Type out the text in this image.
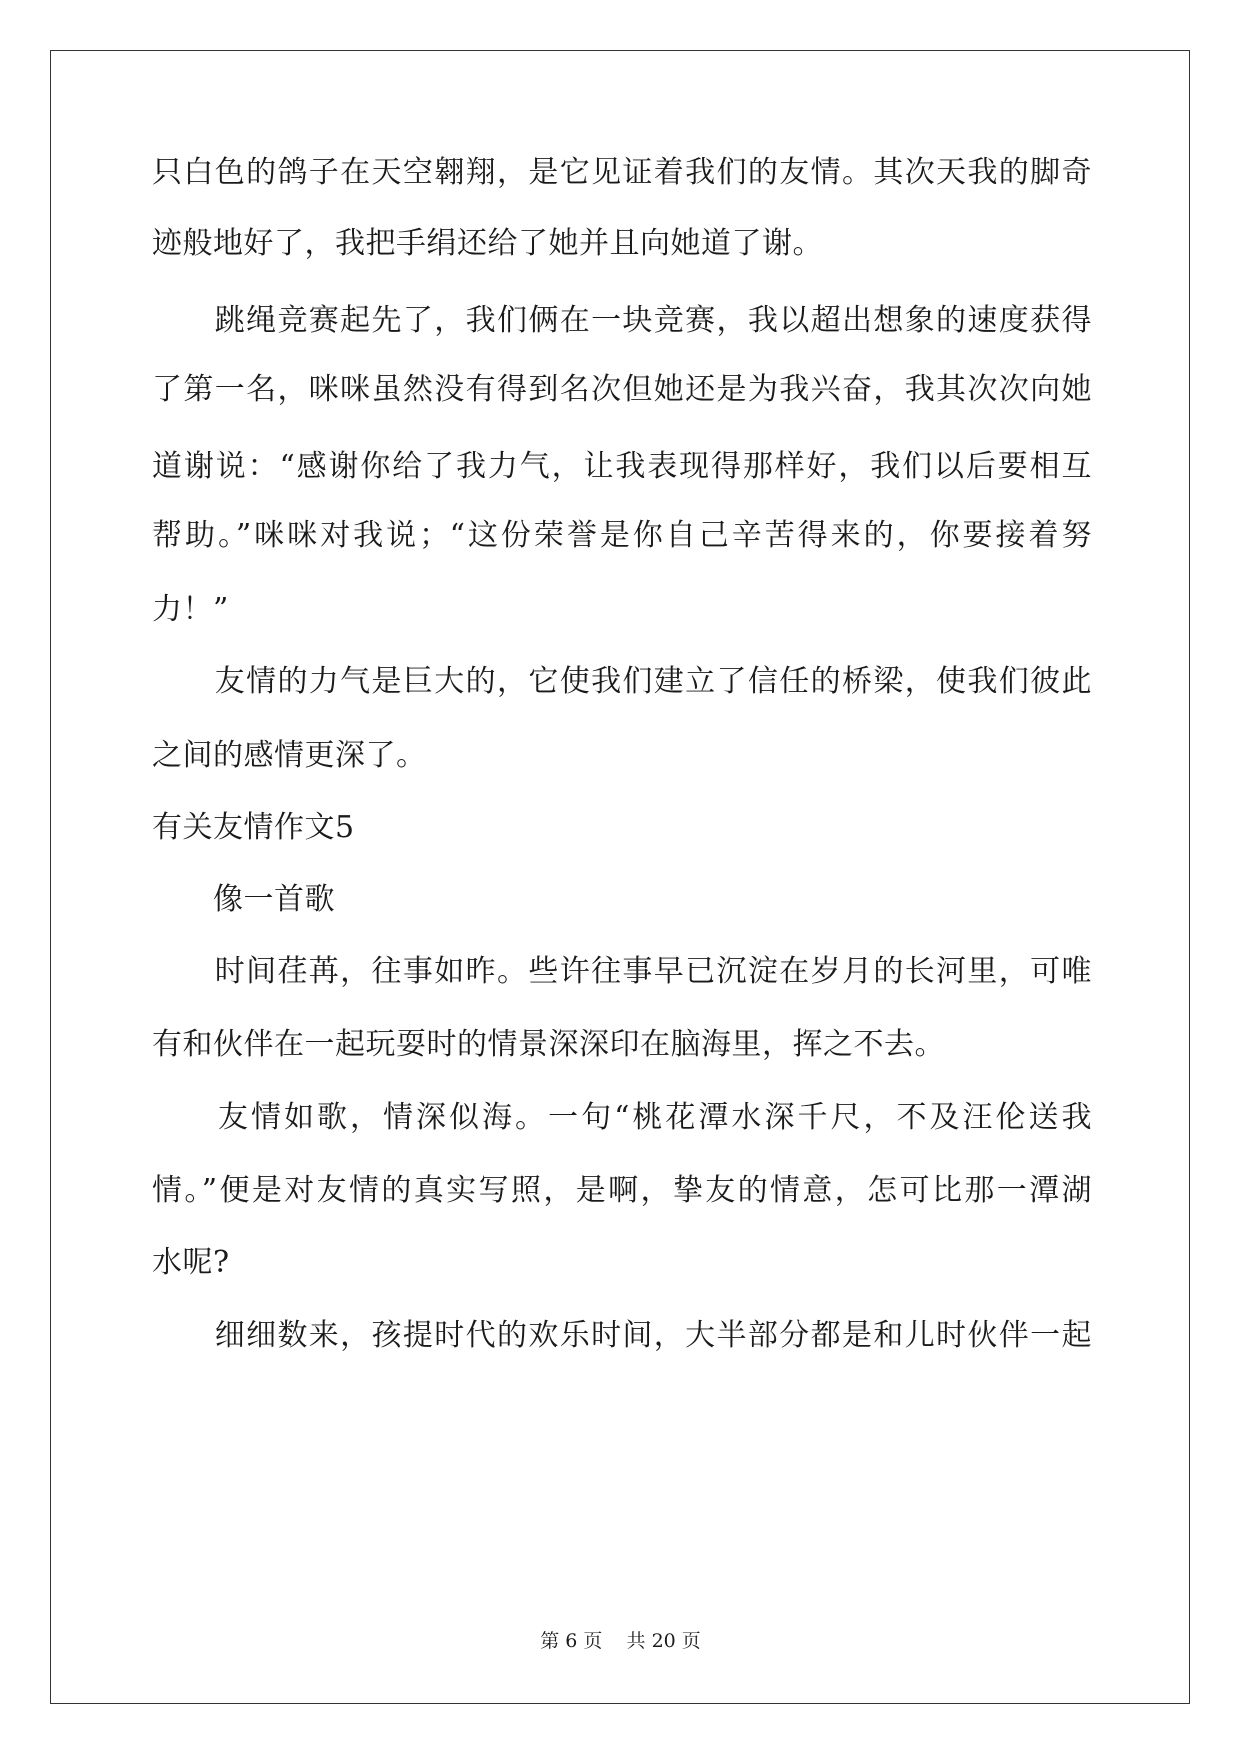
只白色的鸽子在天空翱翔，是它见证着我们的友情。其次天我的脚奇

迹般地好了，我把手绢还给了她并且向她道了谢。

　　跳绳竞赛起先了，我们俩在一块竞赛，我以超出想象的速度获得

了第一名，咪咪虽然没有得到名次但她还是为我兴奋，我其次次向她

道谢说：“感谢你给了我力气，让我表现得那样好，我们以后要相互

帮助。”咪咪对我说；“这份荣誉是你自己辛苦得来的，你要接着努

力！”

　　友情的力气是巨大的，它使我们建立了信任的桥梁，使我们彼此

之间的感情更深了。

有关友情作文5

　　像一首歌

　　时间荏苒，往事如昨。些许往事早已沉淀在岁月的长河里，可唯

有和伙伴在一起玩耍时的情景深深印在脑海里，挥之不去。

　　友情如歌，情深似海。一句“桃花潭水深千尺，不及汪伦送我

情。”便是对友情的真实写照，是啊，挚友的情意，怎可比那一潭湖

水呢?

　　细细数来，孩提时代的欢乐时间，大半部分都是和儿时伙伴一起

第 6 页 共 20 页
